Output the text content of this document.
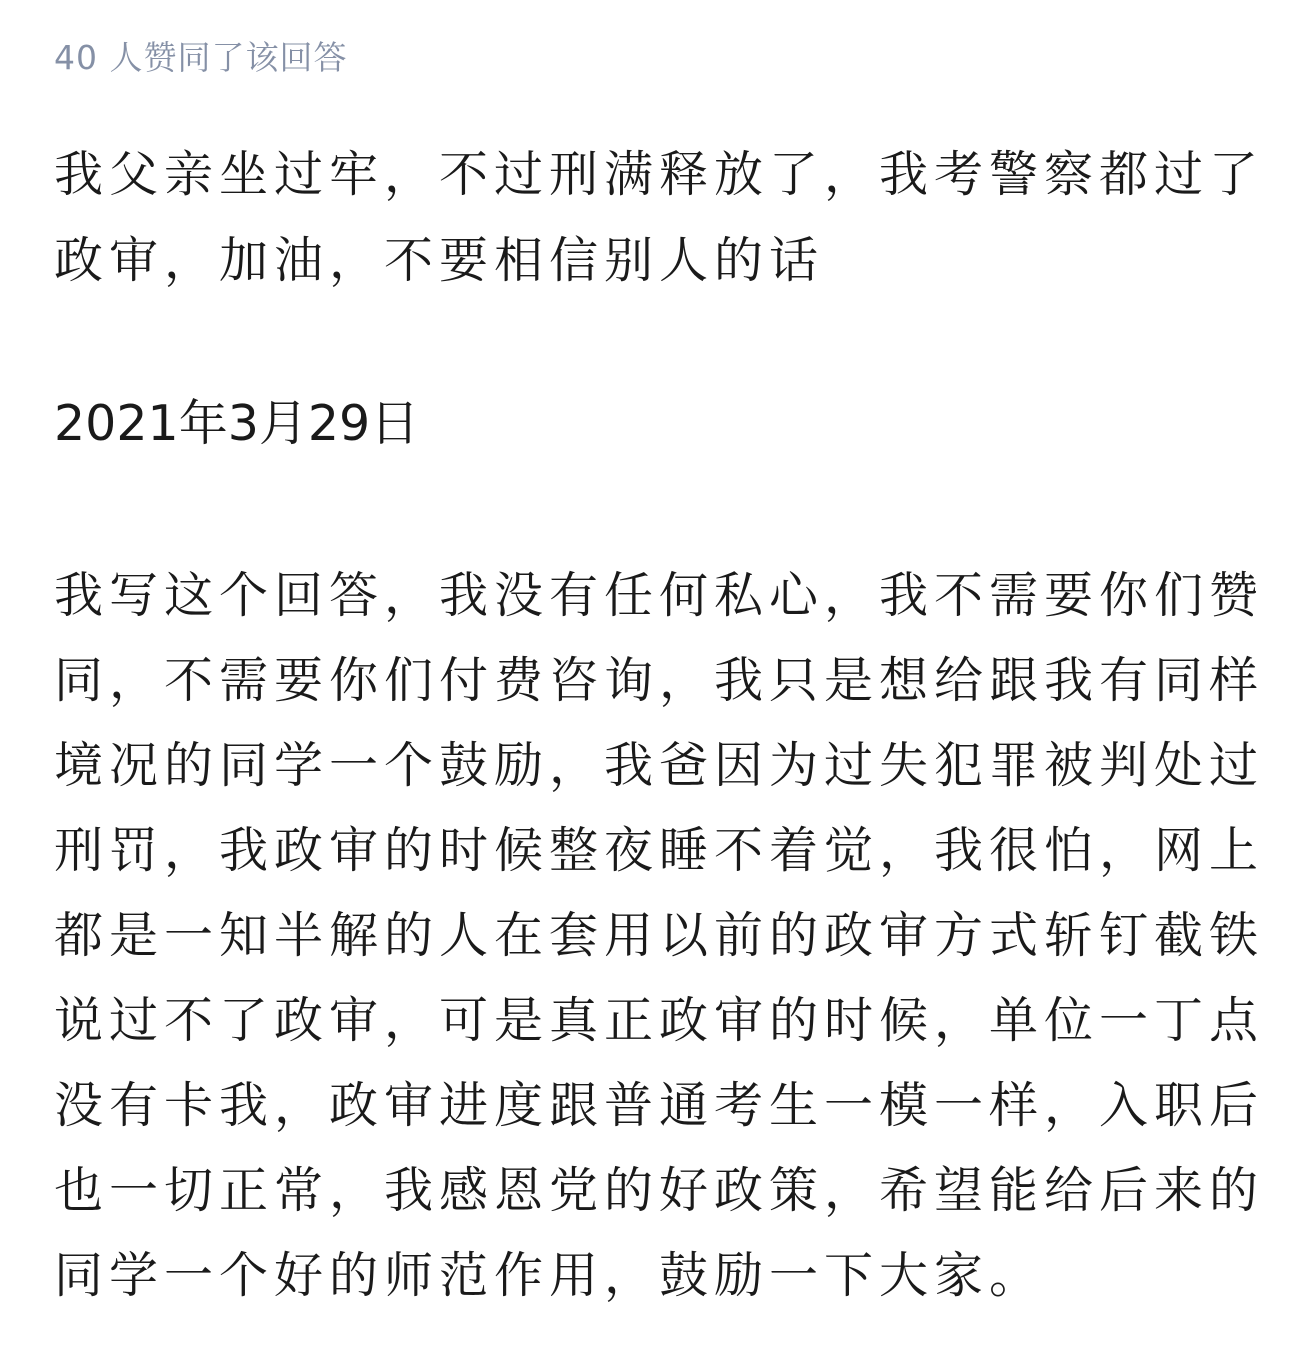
40 人赞同了该回答

我父亲坐过牢，不过刑满释放了，我考警察都过了政审，加油，不要相信别人的话

2021年3月29日

我写这个回答，我没有任何私心，我不需要你们赞同，不需要你们付费咨询，我只是想给跟我有同样境况的同学一个鼓励，我爸因为过失犯罪被判处过刑罚，我政审的时候整夜睡不着觉，我很怕，网上都是一知半解的人在套用以前的政审方式斩钉截铁说过不了政审，可是真正政审的时候，单位一丁点没有卡我，政审进度跟普通考生一模一样，入职后也一切正常，我感恩党的好政策，希望能给后来的同学一个好的师范作用，鼓励一下大家。
